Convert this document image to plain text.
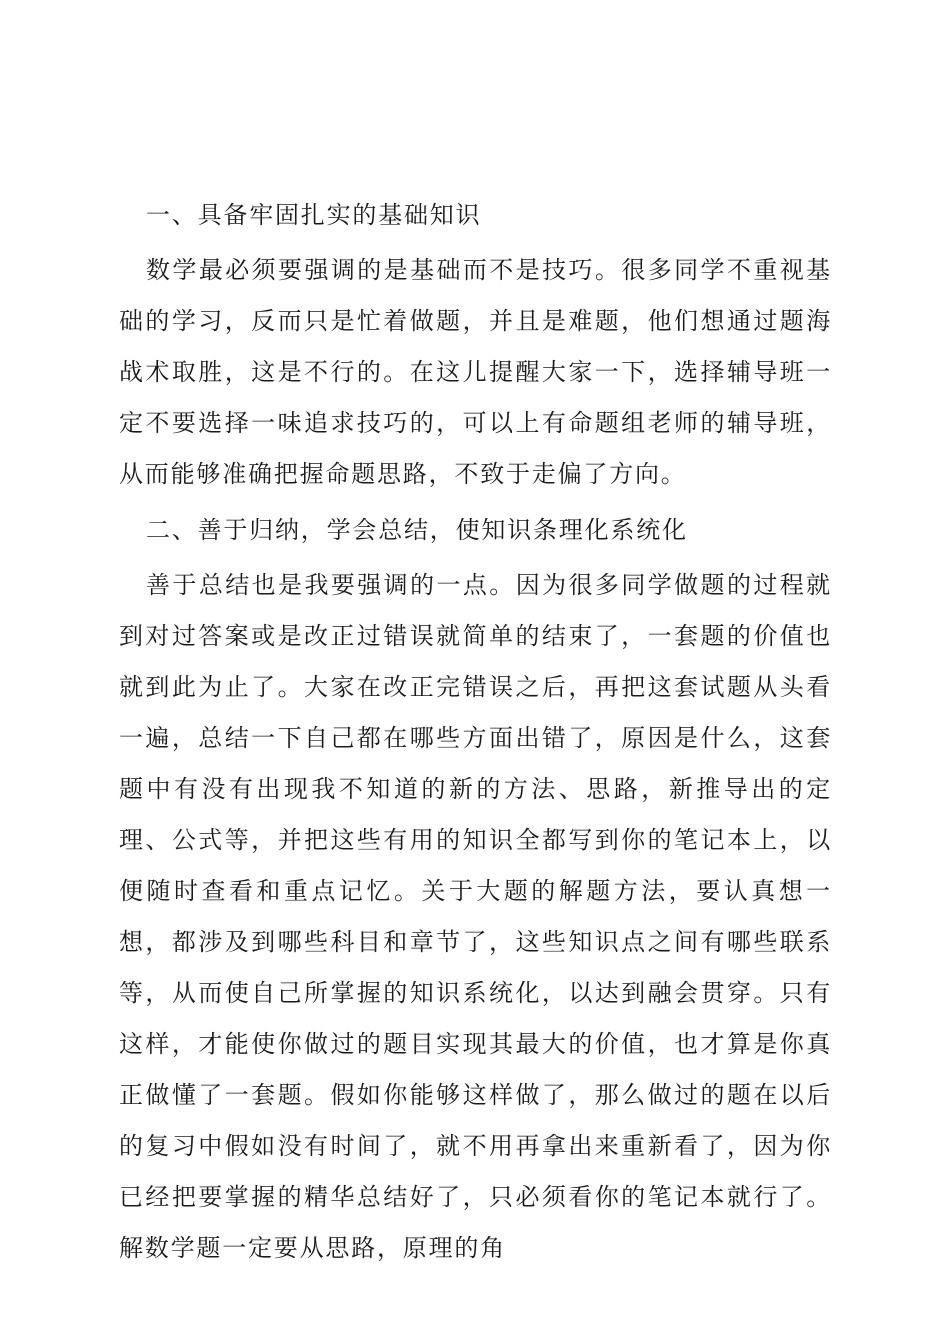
一、具备牢固扎实的基础知识

数学最必须要强调的是基础而不是技巧。很多同学不重视基础的学习，反而只是忙着做题，并且是难题，他们想通过题海战术取胜，这是不行的。在这儿提醒大家一下，选择辅导班一定不要选择一味追求技巧的，可以上有命题组老师的辅导班，从而能够准确把握命题思路，不致于走偏了方向。

二、善于归纳，学会总结，使知识条理化系统化

善于总结也是我要强调的一点。因为很多同学做题的过程就到对过答案或是改正过错误就简单的结束了，一套题的价值也就到此为止了。大家在改正完错误之后，再把这套试题从头看一遍，总结一下自己都在哪些方面出错了，原因是什么，这套题中有没有出现我不知道的新的方法、思路，新推导出的定理、公式等，并把这些有用的知识全都写到你的笔记本上，以便随时查看和重点记忆。关于大题的解题方法，要认真想一想，都涉及到哪些科目和章节了，这些知识点之间有哪些联系等，从而使自己所掌握的知识系统化，以达到融会贯穿。只有这样，才能使你做过的题目实现其最大的价值，也才算是你真正做懂了一套题。假如你能够这样做了，那么做过的题在以后的复习中假如没有时间了，就不用再拿出来重新看了，因为你已经把要掌握的精华总结好了，只必须看你的笔记本就行了。解数学题一定要从思路，原理的角
